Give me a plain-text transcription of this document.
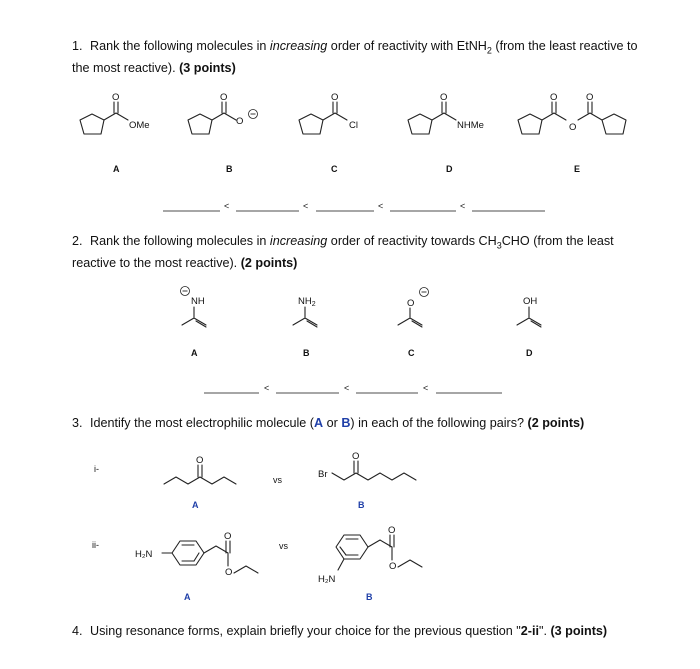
1. Rank the following molecules in increasing order of reactivity with EtNH$_2$ (from the least reactive to the most reactive). (3 points)
2. Rank the following molecules in increasing order of reactivity towards $CH_3CHO$ (from the least reactive to the most reactive). (2 points)
3. Identify the most electrophilic molecule (A or B) in each of the following pairs? (2 points)
4. Using resonance forms, explain briefly your choice for the previous question "2-ii". (3 points)
O
OMe
O
O
O
Cl
O
NHMe
O	O
O
A	B	C	D	E
<	<	<	<
NH	$NH_2$	O	OH
A	B	C	D
<	<	<
i-
O
vs	Br
O
A	B
ii-
H₂N
O
O
vs
H₂N
O
O
A	B
